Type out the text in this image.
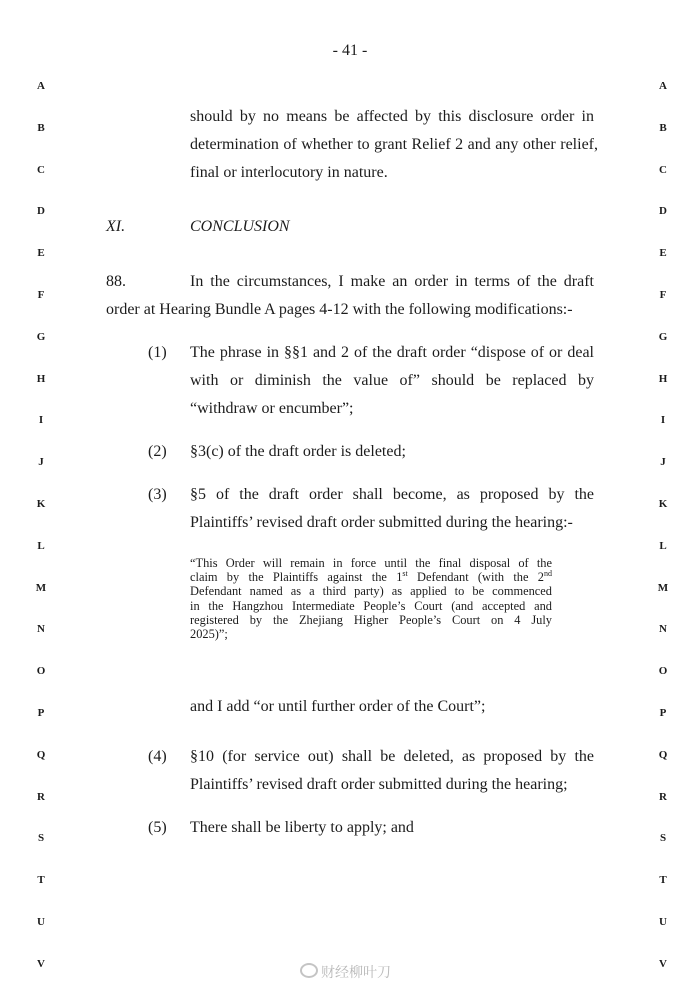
- 41 -
A
B
C
D
E
F
G
H
I
J
K
L
M
N
O
P
Q
R
S
T
U
V
A
B
C
D
E
F
G
H
I
J
K
L
M
N
O
P
Q
R
S
T
U
V
should by no means be affected by this disclosure order in
determination of whether to grant Relief 2 and any other relief,
final or interlocutory in nature.
XI.	CONCLUSION
88.	In the circumstances, I make an order in terms of the draft
order at Hearing Bundle A pages 4-12 with the following modifications:-
(1) The phrase in §§1 and 2 of the draft order “dispose of or deal
with or diminish the value of” should be replaced by
“withdraw or encumber”;
(2) §3(c) of the draft order is deleted;
(3) §5 of the draft order shall become, as proposed by the
Plaintiffs’ revised draft order submitted during the hearing:-
“This Order will remain in force until the final disposal of the
claim by the Plaintiffs against the 1st Defendant (with the 2nd
Defendant named as a third party) as applied to be commenced
in the Hangzhou Intermediate People’s Court (and accepted and
registered by the Zhejiang Higher People’s Court on 4 July
2025)”;
and I add “or until further order of the Court”;
(4) §10 (for service out) shall be deleted, as proposed by the
Plaintiffs’ revised draft order submitted during the hearing;
(5) There shall be liberty to apply; and
财经柳叶刀
